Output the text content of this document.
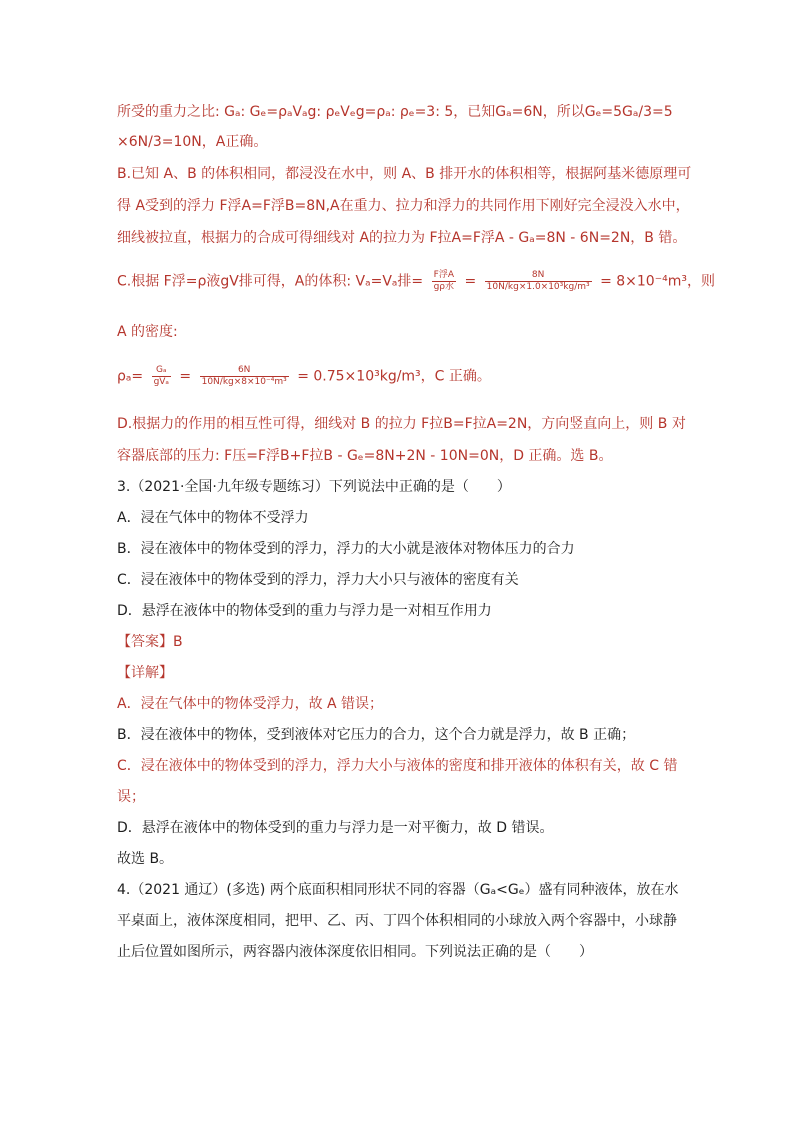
所受的重力之比: Gₐ: Gₑ=ρₐVₐg: ρₑVₑg=ρₐ: ρₑ=3: 5，已知Gₐ=6N，所以Gₑ=5Gₐ/3=5
×6N/3=10N，A正确。
B.已知 A、B 的体积相同，都浸没在水中，则 A、B 排开水的体积相等，根据阿基米德原理可
得 A受到的浮力 F浮A=F浮B=8N,A在重力、拉力和浮力的共同作用下刚好完全浸没入水中，
细线被拉直，根据力的合成可得细线对 A的拉力为 F拉A=F浮A - Gₐ=8N - 6N=2N，B 错。
C.根据 F浮=ρ液gV排可得，A的体积: Vₐ=Vₐ排= $\frac{\text{F浮A}}{\text{gρ水}} = \frac{8N}{\text{10N/kg×1.0×10³kg/m³}} = 8\times 10^{-4}m^3$，则
A 的密度:
$\rho_a= \frac{\text{Gₐ}}{\text{gVₐ}} = \frac{6N}{\text{10N/kg×8×10⁻⁴m³}} = 0.75\times 10^3kg/m^3$，C 正确。
D.根据力的作用的相互性可得，细线对 B 的拉力 F拉B=F拉A=2N，方向竖直向上，则 B 对
容器底部的压力: F压=F浮B+F拉B - Gₑ=8N+2N - 10N=0N，D 正确。选 B。
3.（2021·全国·九年级专题练习）下列说法中正确的是（　　）
A．浸在气体中的物体不受浮力
B．浸在液体中的物体受到的浮力，浮力的大小就是液体对物体压力的合力
C．浸在液体中的物体受到的浮力，浮力大小只与液体的密度有关
D．悬浮在液体中的物体受到的重力与浮力是一对相互作用力
【答案】B
【详解】
A．浸在气体中的物体受浮力，故 A 错误；
B．浸在液体中的物体，受到液体对它压力的合力，这个合力就是浮力，故 B 正确；
C．浸在液体中的物体受到的浮力，浮力大小与液体的密度和排开液体的体积有关，故 C 错
误；
D．悬浮在液体中的物体受到的重力与浮力是一对平衡力，故 D 错误。
故选 B。
4.（2021 通辽）(多选) 两个底面积相同形状不同的容器（Gₐ<Gₑ）盛有同种液体，放在水
平桌面上，液体深度相同，把甲、乙、丙、丁四个体积相同的小球放入两个容器中，小球静
止后位置如图所示，两容器内液体深度依旧相同。下列说法正确的是（　　）
